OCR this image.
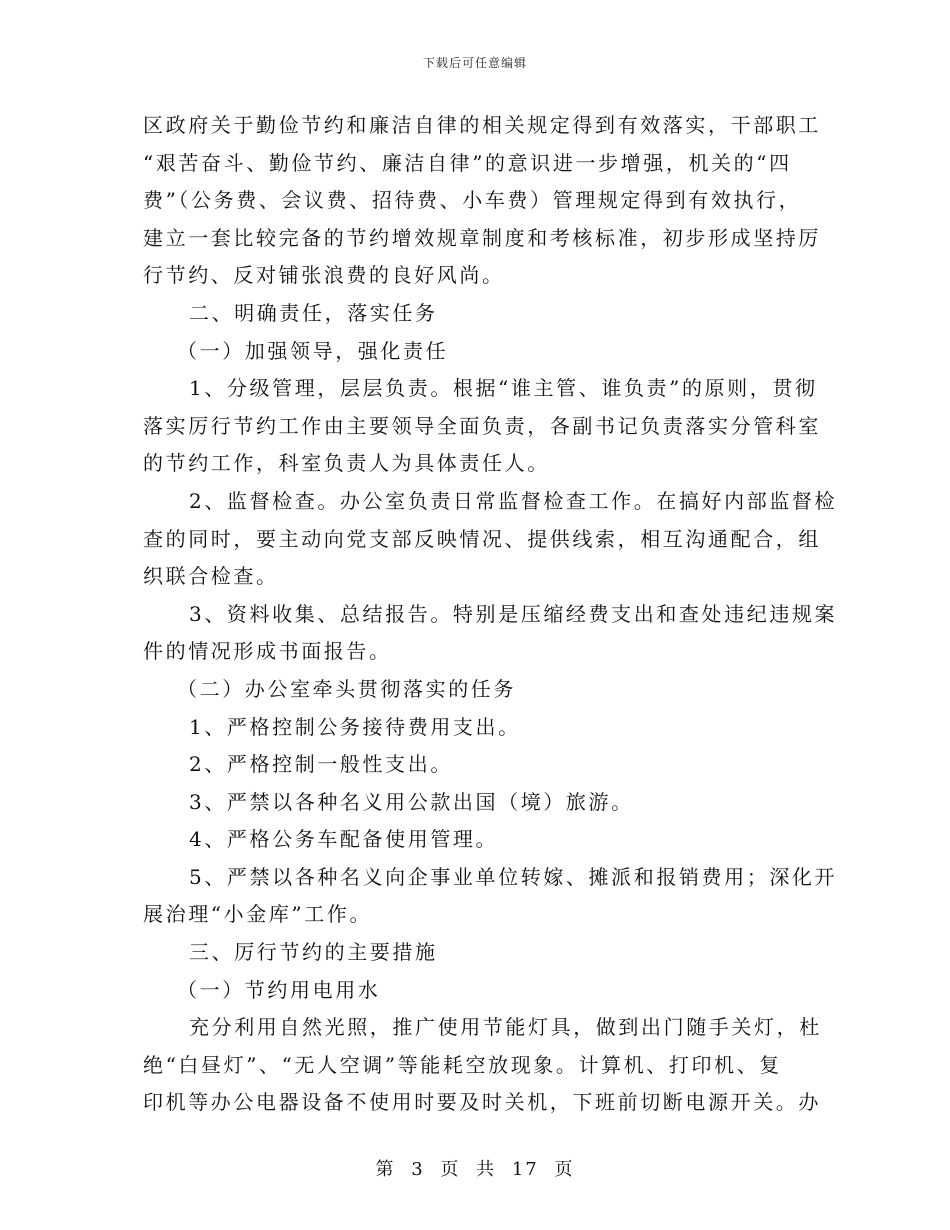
下载后可任意编辑
区政府关于勤俭节约和廉洁自律的相关规定得到有效落实，干部职工
“艰苦奋斗、勤俭节约、廉洁自律”的意识进一步增强，机关的“四
费”（公务费、会议费、招待费、小车费）管理规定得到有效执行，
建立一套比较完备的节约增效规章制度和考核标准，初步形成坚持厉
行节约、反对铺张浪费的良好风尚。
二、明确责任，落实任务
（一）加强领导，强化责任
1、分级管理，层层负责。根据“谁主管、谁负责”的原则，贯彻
落实厉行节约工作由主要领导全面负责，各副书记负责落实分管科室
的节约工作，科室负责人为具体责任人。
2、监督检查。办公室负责日常监督检查工作。在搞好内部监督检
查的同时，要主动向党支部反映情况、提供线索，相互沟通配合，组
织联合检查。
3、资料收集、总结报告。特别是压缩经费支出和查处违纪违规案
件的情况形成书面报告。
（二）办公室牵头贯彻落实的任务
1、严格控制公务接待费用支出。
2、严格控制一般性支出。
3、严禁以各种名义用公款出国（境）旅游。
4、严格公务车配备使用管理。
5、严禁以各种名义向企事业单位转嫁、摊派和报销费用；深化开
展治理“小金库”工作。
三、厉行节约的主要措施
（一）节约用电用水
充分利用自然光照，推广使用节能灯具，做到出门随手关灯，杜
绝“白昼灯”、“无人空调”等能耗空放现象。计算机、打印机、复
印机等办公电器设备不使用时要及时关机，下班前切断电源开关。办
第 3 页 共 17 页
